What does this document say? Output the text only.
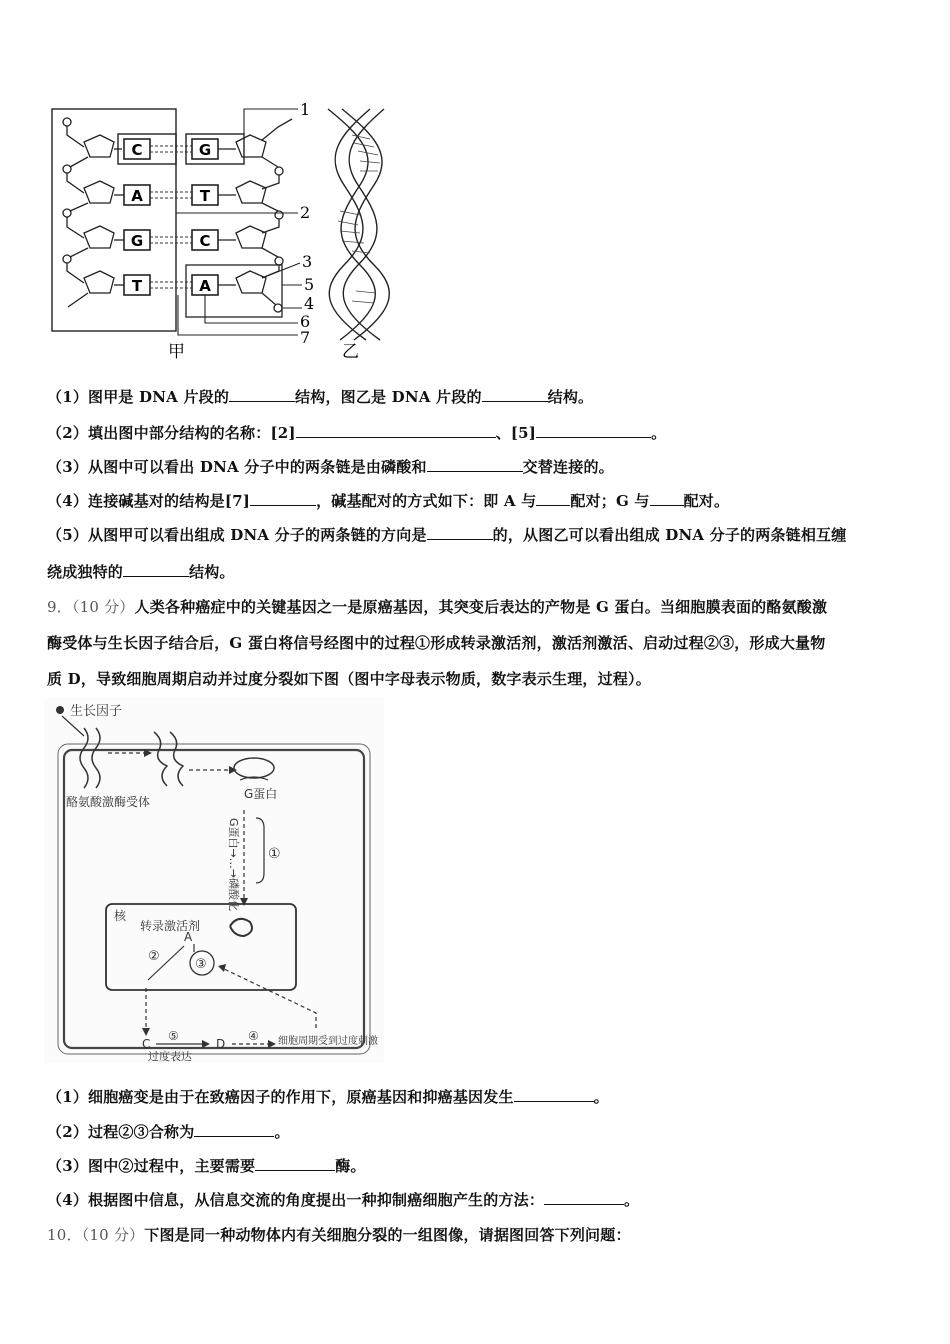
C
A
G
T
G
T
C
A
1
2
3
5
4
6
7
甲	乙
（1）图甲是 DNA 片段的	结构，图乙是 DNA 片段的	结构。
（2）填出图中部分结构的名称：[2]	、[5]	。
（3）从图中可以看出 DNA 分子中的两条链是由磷酸和	交替连接的。
（4）连接碱基对的结构是[7]	，碱基配对的方式如下：即 A 与 配对；G 与 配对。
（5）从图甲可以看出组成 DNA 分子的两条链的方向是	的，从图乙可以看出组成 DNA 分子的两条链相互缠
绕成独特的	结构。
9．（10 分）人类各种癌症中的关键基因之一是原癌基因，其突变后表达的产物是 G 蛋白。当细胞膜表面的酪氨酸激
酶受体与生长因子结合后，G 蛋白将信号经图中的过程①形成转录激活剂，激活剂激活、启动过程②③，形成大量物
质 D，导致细胞周期启动并过度分裂如下图（图中字母表示物质，数字表示生理，过程）。
生长因子
酪氨酸激酶受体
G蛋白
G蛋白→…→磷酸化 ①
核
转录激活剂
A
②
③
C
⑤
过度表达
D
④ 细胞周期受到过度刺激
（1）细胞癌变是由于在致癌因子的作用下，原癌基因和抑癌基因发生	。
（2）过程②③合称为	。
（3）图中②过程中，主要需要	酶。
（4）根据图中信息，从信息交流的角度提出一种抑制癌细胞产生的方法：	。
10．（10 分）下图是同一种动物体内有关细胞分裂的一组图像，请据图回答下列问题：
